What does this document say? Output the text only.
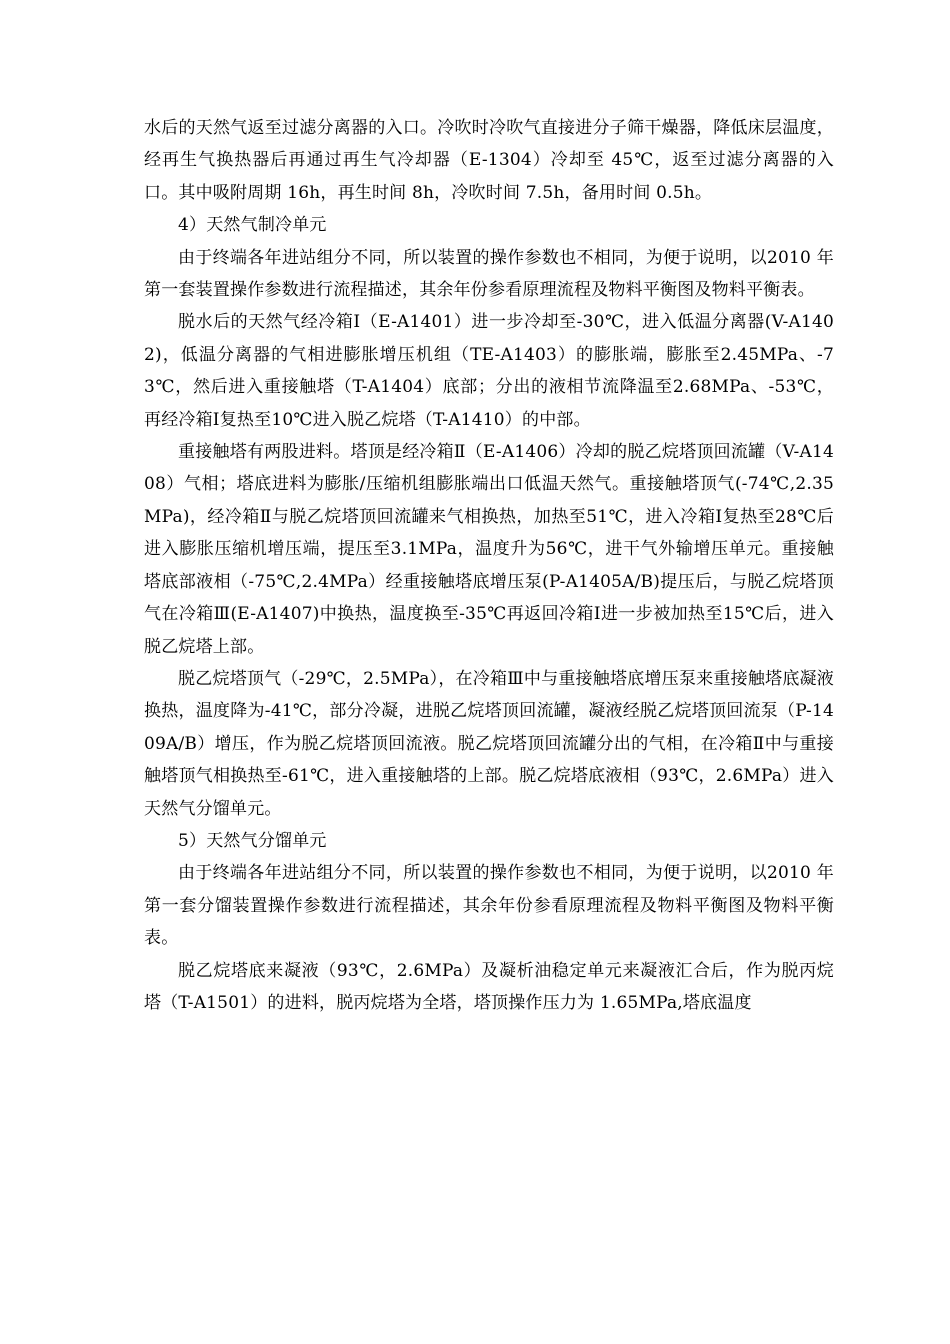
水后的天然气返至过滤分离器的入口。冷吹时冷吹气直接进分子筛干燥器，降低床层温度，经再生气换热器后再通过再生气冷却器（E-1304）冷却至 45℃，返至过滤分离器的入口。其中吸附周期 16h，再生时间 8h，冷吹时间 7.5h，备用时间 0.5h。

4）天然气制冷单元

由于终端各年进站组分不同，所以装置的操作参数也不相同，为便于说明，以2010 年第一套装置操作参数进行流程描述，其余年份参看原理流程及物料平衡图及物料平衡表。

脱水后的天然气经冷箱Ⅰ（E-A1401）进一步冷却至-30℃，进入低温分离器(V-A1402)，低温分离器的气相进膨胀增压机组（TE-A1403）的膨胀端，膨胀至2.45MPa、-73℃，然后进入重接触塔（T-A1404）底部；分出的液相节流降温至2.68MPa、-53℃，再经冷箱Ⅰ复热至10℃进入脱乙烷塔（T-A1410）的中部。

重接触塔有两股进料。塔顶是经冷箱Ⅱ（E-A1406）冷却的脱乙烷塔顶回流罐（V-A1408）气相；塔底进料为膨胀/压缩机组膨胀端出口低温天然气。重接触塔顶气(-74℃,2.35MPa)，经冷箱Ⅱ与脱乙烷塔顶回流罐来气相换热，加热至51℃，进入冷箱Ⅰ复热至28℃后进入膨胀压缩机增压端，提压至3.1MPa，温度升为56℃，进干气外输增压单元。重接触塔底部液相（-75℃,2.4MPa）经重接触塔底增压泵(P-A1405A/B)提压后，与脱乙烷塔顶气在冷箱Ⅲ(E-A1407)中换热，温度换至-35℃再返回冷箱Ⅰ进一步被加热至15℃后，进入脱乙烷塔上部。

脱乙烷塔顶气（-29℃，2.5MPa），在冷箱Ⅲ中与重接触塔底增压泵来重接触塔底凝液换热，温度降为-41℃，部分冷凝，进脱乙烷塔顶回流罐，凝液经脱乙烷塔顶回流泵（P-1409A/B）增压，作为脱乙烷塔顶回流液。脱乙烷塔顶回流罐分出的气相，在冷箱Ⅱ中与重接触塔顶气相换热至-61℃，进入重接触塔的上部。脱乙烷塔底液相（93℃，2.6MPa）进入天然气分馏单元。

5）天然气分馏单元

由于终端各年进站组分不同，所以装置的操作参数也不相同，为便于说明，以2010 年第一套分馏装置操作参数进行流程描述，其余年份参看原理流程及物料平衡图及物料平衡表。

脱乙烷塔底来凝液（93℃，2.6MPa）及凝析油稳定单元来凝液汇合后，作为脱丙烷塔（T-A1501）的进料，脱丙烷塔为全塔，塔顶操作压力为 1.65MPa,塔底温度
